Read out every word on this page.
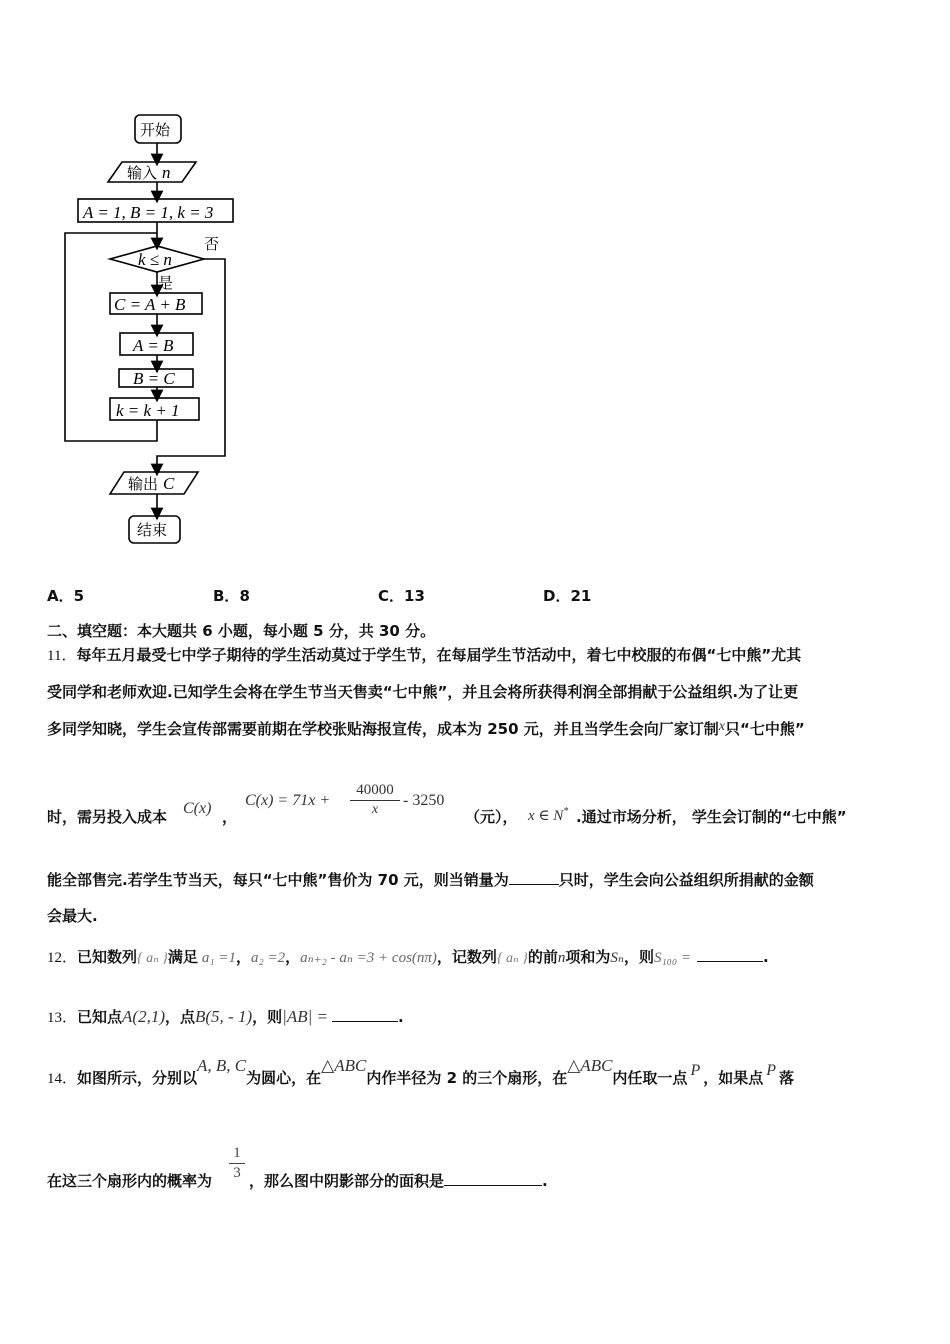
开始
输入 n
A = 1, B = 1, k = 3
否
k ≤ n
是
C = A + B
A = B
B = C
k = k + 1
输出 C
结束
A．5	B．8	C．13	D．21
二、填空题：本大题共 6 小题，每小题 5 分，共 30 分。
11．每年五月最受七中学子期待的学生活动莫过于学生节，在每届学生节活动中，着七中校服的布偶“七中熊”尤其
受同学和老师欢迎.已知学生会将在学生节当天售卖“七中熊”，并且会将所获得利润全部捐献于公益组织.为了让更
多同学知晓，学生会宣传部需要前期在学校张贴海报宣传，成本为 250 元，并且当学生会向厂家订制x只“七中熊”
时，需另投入成本 C(x) ，
C(x) = 71x +
40000
x
- 3250
（元）， x ∈ N* .通过市场分析， 学生会订制的“七中熊”
能全部售完.若学生节当天，每只“七中熊”售价为 70 元，则当销量为	只时，学生会向公益组织所捐献的金额
会最大.
12． 已知数列 { aₙ } 满足 a₁ =1 ， a₂ =2 ， aₙ₊₂ - aₙ =3 + cos(nπ) ，记数列 { aₙ } 的前 n 项和为 Sₙ ，则 S₁₀₀ =	.
13． 已知点 A(2,1) ，点 B(5, - 1) ，则 |AB| =	.
14． 如图所示，分别以
A, B, C
为圆心，在
△ABC
内作半径为 2 的三个扇形，在
△ABC
内任取一点 P ，如果点 P 落
在这三个扇形内的概率为
1
3 ，那么图中阴影部分的面积是	.
